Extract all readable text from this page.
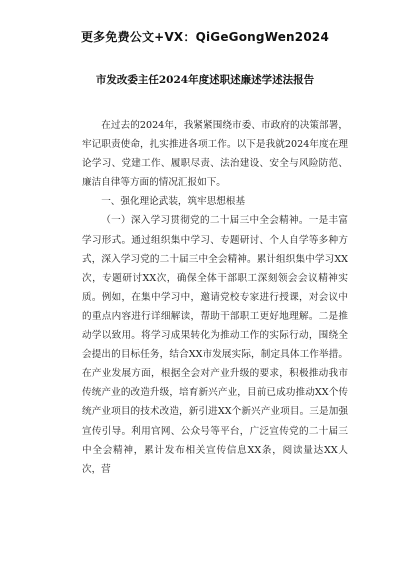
更多免费公文+VX：QiGeGongWen2024
市发改委主任2024年度述职述廉述学述法报告

在过去的2024年，我紧紧围绕市委、市政府的决策部署，牢记职责使命，扎实推进各项工作。以下是我就2024年度在理论学习、党建工作、履职尽责、法治建设、安全与风险防范、廉洁自律等方面的情况汇报如下。

一、强化理论武装，筑牢思想根基

（一）深入学习贯彻党的二十届三中全会精神。一是丰富学习形式。通过组织集中学习、专题研讨、个人自学等多种方式，深入学习党的二十届三中全会精神。累计组织集中学习XX次，专题研讨XX次，确保全体干部职工深刻领会会议精神实质。例如，在集中学习中，邀请党校专家进行授课，对会议中的重点内容进行详细解读，帮助干部职工更好地理解。二是推动学以致用。将学习成果转化为推动工作的实际行动，围绕全会提出的目标任务，结合XX市发展实际，制定具体工作举措。在产业发展方面，根据全会对产业升级的要求，积极推动我市传统产业的改造升级，培育新兴产业，目前已成功推动XX个传统产业项目的技术改造，新引进XX个新兴产业项目。三是加强宣传引导。利用官网、公众号等平台，广泛宣传党的二十届三中全会精神，累计发布相关宣传信息XX条，阅读量达XX人次，营
